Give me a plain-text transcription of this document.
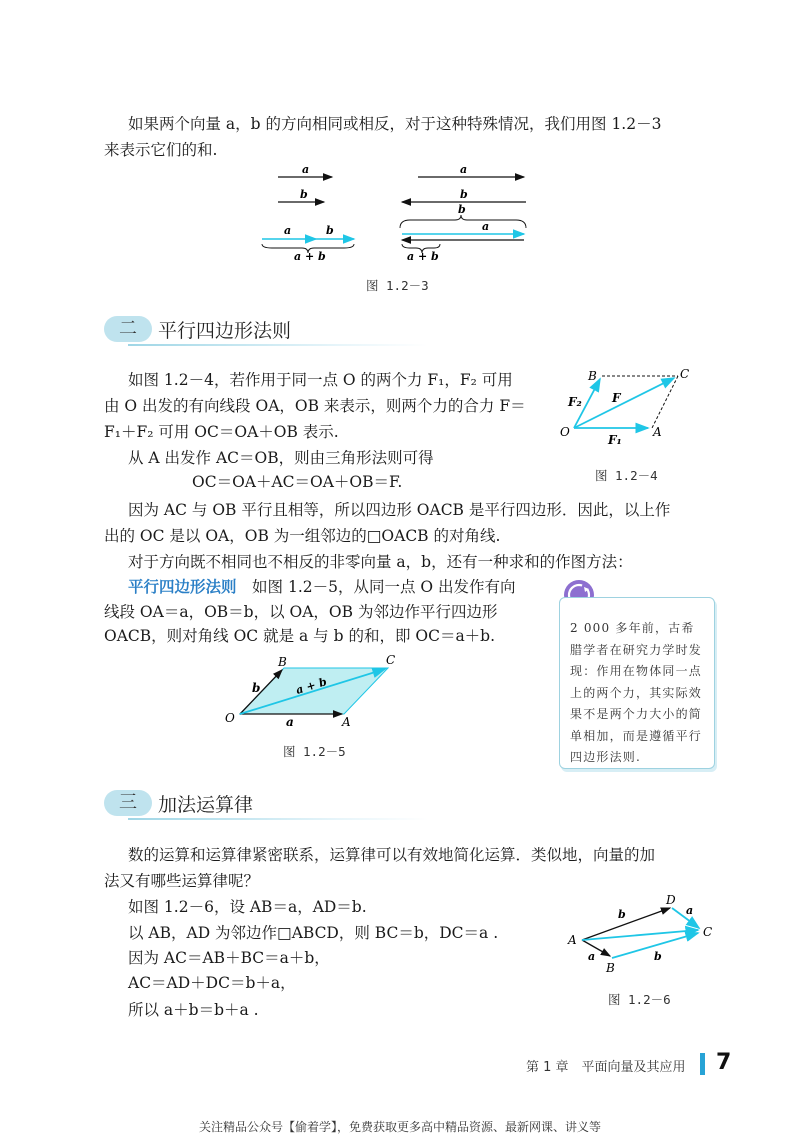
如果两个向量 a，b 的方向相同或相反，对于这种特殊情况，我们用图 1.2－3
来表示它们的和.
a
b
a	b
a + b
a
b
a
b
a + b
图 1.2－3
二	平行四边形法则
如图 1.2－4，若作用于同一点 O 的两个力 F₁，F₂ 可用
由 O 出发的有向线段 OA，OB 来表示，则两个力的合力 F＝
F₁＋F₂ 可用 OC＝OA＋OB 表示.
从 A 出发作 AC＝OB，则由三角形法则可得
OC＝OA＋AC＝OA＋OB＝F.
因为 AC 与 OB 平行且相等，所以四边形 OACB 是平行四边形．因此，以上作
出的 OC 是以 OA，OB 为一组邻边的□OACB 的对角线.
对于方向既不相同也不相反的非零向量 a，b，还有一种求和的作图方法：
平行四边形法则　 如图 1.2－5，从同一点 O 出发作有向
线段 OA＝a，OB＝b，以 OA，OB 为邻边作平行四边形
OACB，则对角线 OC 就是 a 与 b 的和，即 OC＝a＋b.
B	C
O	A
F
F₁
F₂
图 1.2－4
B	C
O	A
a
b	a + b
图 1.2－5
2 000 多年前，古希腊学者在研究力学时发现：作用在物体同一点上的两个力，其实际效果不是两个力大小的简单相加，而是遵循平行四边形法则.
三	加法运算律
数的运算和运算律紧密联系，运算律可以有效地简化运算．类似地，向量的加
法又有哪些运算律呢？
如图 1.2－6，设 AB＝a，AD＝b.
以 AB，AD 为邻边作□ABCD，则 BC＝b，DC＝a .
因为 AC＝AB＋BC＝a＋b，
AC＝AD＋DC＝b＋a，
所以 a＋b＝b＋a .
A
B
C
D
b
a	b
a
图 1.2－6
第 1 章　平面向量及其应用 7
关注精品公众号【偷着学】，免费获取更多高中精品资源、最新网课、讲义等
